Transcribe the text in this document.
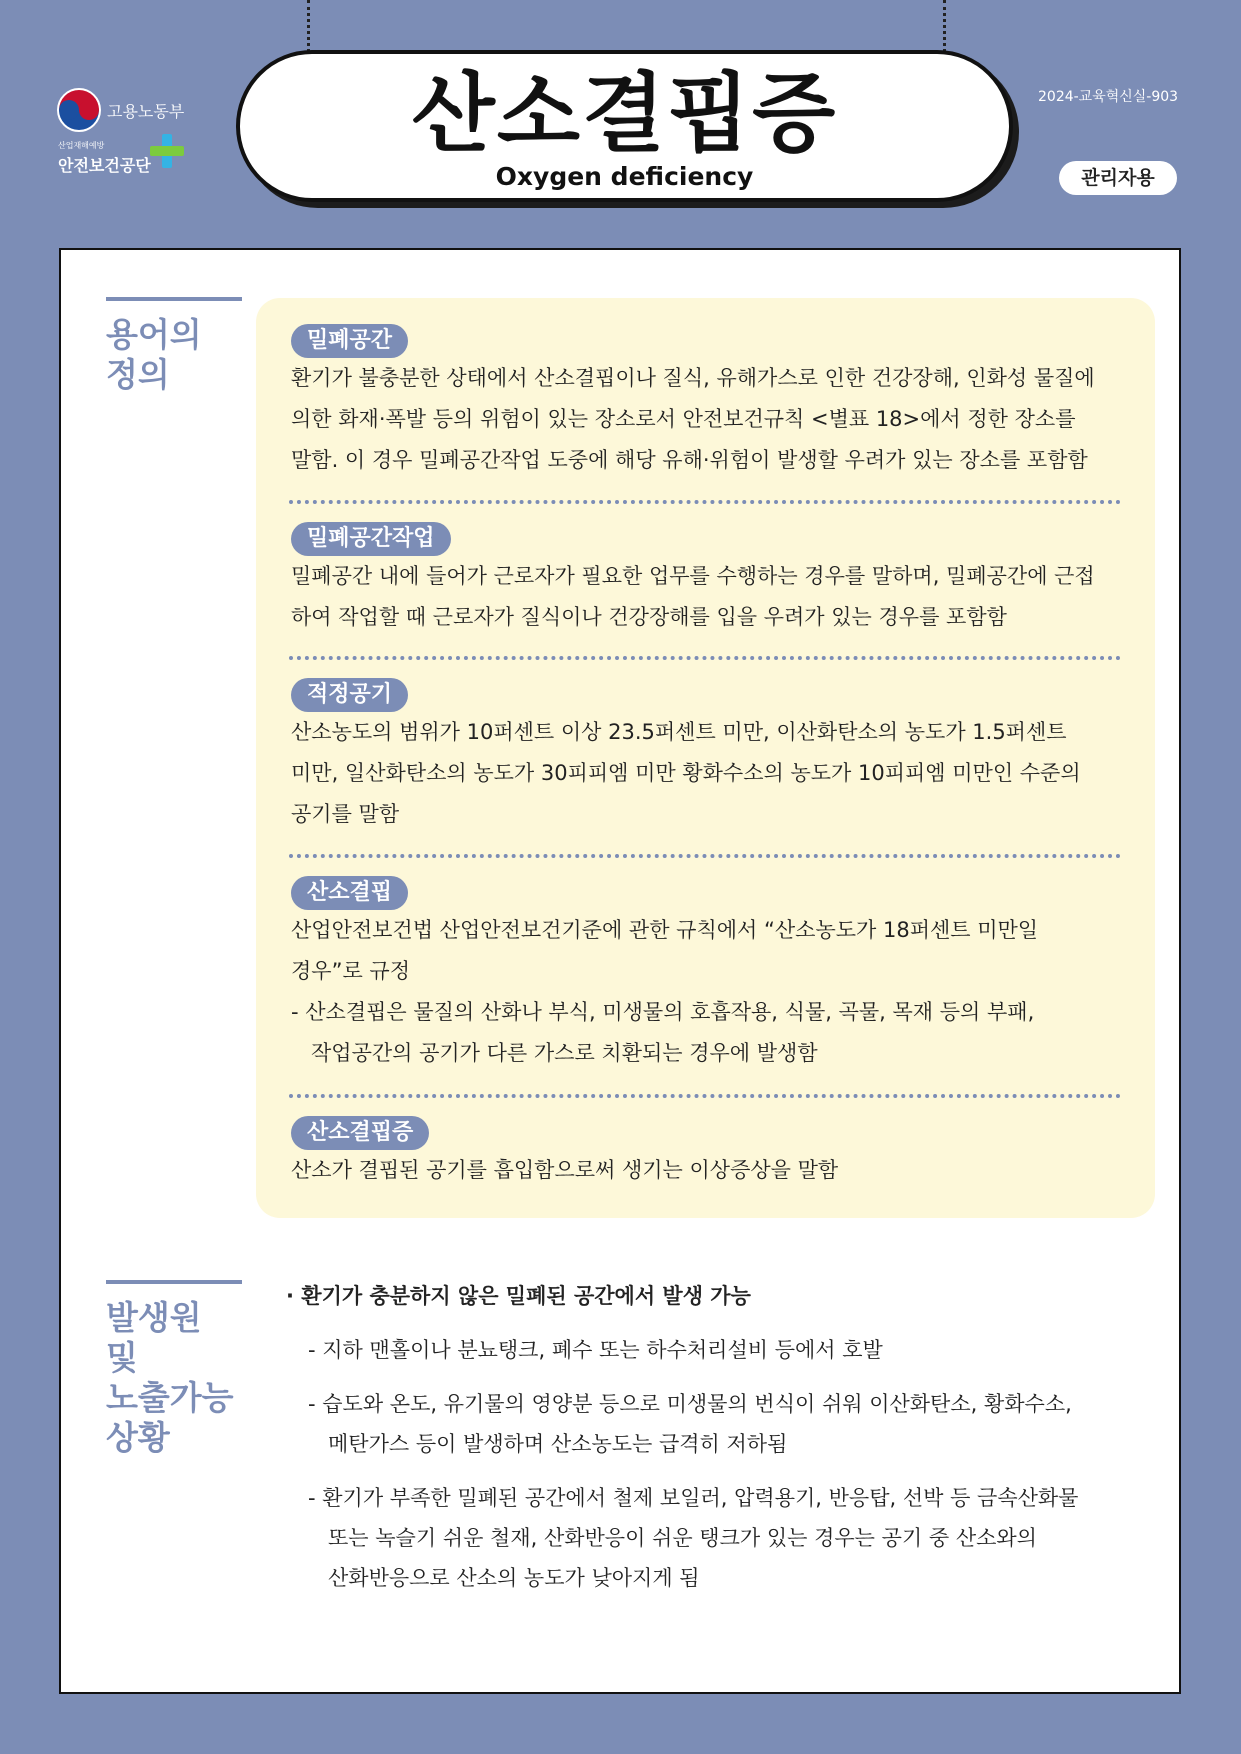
고용노동부
산업재해예방
안전보건공단
산소결핍증
Oxygen deficiency
2024-교육혁신실-903
관리자용
용어의
정의
밀폐공간
환기가 불충분한 상태에서 산소결핍이나 질식, 유해가스로 인한 건강장해, 인화성 물질에
의한 화재·폭발 등의 위험이 있는 장소로서 안전보건규칙 <별표 18>에서 정한 장소를
말함. 이 경우 밀폐공간작업 도중에 해당 유해·위험이 발생할 우려가 있는 장소를 포함함
밀폐공간작업
밀폐공간 내에 들어가 근로자가 필요한 업무를 수행하는 경우를 말하며, 밀폐공간에 근접
하여 작업할 때 근로자가 질식이나 건강장해를 입을 우려가 있는 경우를 포함함
적정공기
산소농도의 범위가 10퍼센트 이상 23.5퍼센트 미만, 이산화탄소의 농도가 1.5퍼센트
미만, 일산화탄소의 농도가 30피피엠 미만 황화수소의 농도가 10피피엠 미만인 수준의
공기를 말함
산소결핍
산업안전보건법 산업안전보건기준에 관한 규칙에서 “산소농도가 18퍼센트 미만일
경우”로 규정
- 산소결핍은 물질의 산화나 부식, 미생물의 호흡작용, 식물, 곡물, 목재 등의 부패,
작업공간의 공기가 다른 가스로 치환되는 경우에 발생함
산소결핍증
산소가 결핍된 공기를 흡입함으로써 생기는 이상증상을 말함
발생원 및
노출가능
상황
· 환기가 충분하지 않은 밀폐된 공간에서 발생 가능
- 지하 맨홀이나 분뇨탱크, 폐수 또는 하수처리설비 등에서 호발
- 습도와 온도, 유기물의 영양분 등으로 미생물의 번식이 쉬워 이산화탄소, 황화수소,
메탄가스 등이 발생하며 산소농도는 급격히 저하됨
- 환기가 부족한 밀폐된 공간에서 철제 보일러, 압력용기, 반응탑, 선박 등 금속산화물
또는 녹슬기 쉬운 철재, 산화반응이 쉬운 탱크가 있는 경우는 공기 중 산소와의
산화반응으로 산소의 농도가 낮아지게 됨
